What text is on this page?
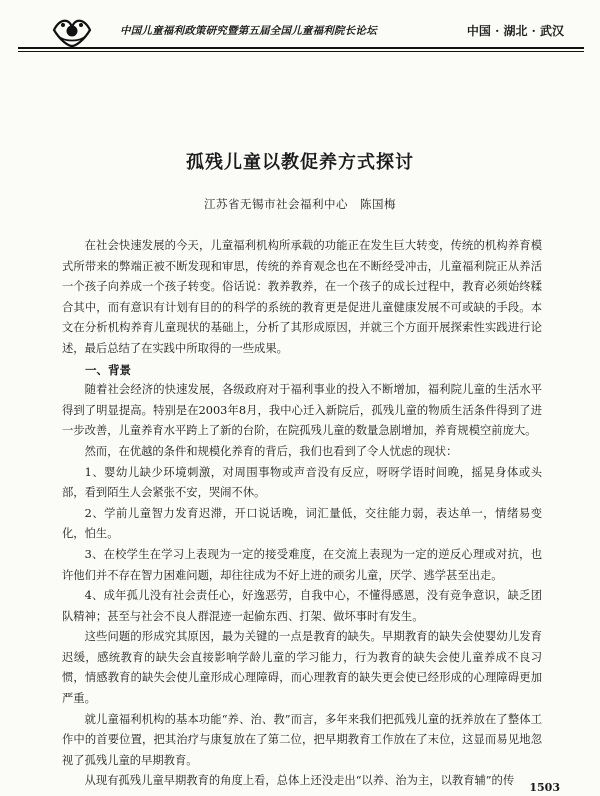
中国儿童福利政策研究暨第五届全国儿童福利院长论坛	中国 · 湖北 · 武汉
孤残儿童以教促养方式探讨
江苏省无锡市社会福利中心　陈国梅

在社会快速发展的今天，儿童福利机构所承载的功能正在发生巨大转变，传统的机构养育模式所带来的弊端正被不断发现和审思，传统的养育观念也在不断经受冲击，儿童福利院正从养活一个孩子向养成一个孩子转变。俗话说：教养教养，在一个孩子的成长过程中，教育必须始终糅合其中，而有意识有计划有目的的科学的系统的教育更是促进儿童健康发展不可或缺的手段。本文在分析机构养育儿童现状的基础上，分析了其形成原因，并就三个方面开展探索性实践进行论述，最后总结了在实践中所取得的一些成果。

一、背景

随着社会经济的快速发展，各级政府对于福利事业的投入不断增加，福利院儿童的生活水平得到了明显提高。特别是在2003年8月，我中心迁入新院后，孤残儿童的物质生活条件得到了进一步改善，儿童养育水平跨上了新的台阶，在院孤残儿童的数量急剧增加，养育规模空前庞大。

然而，在优越的条件和规模化养育的背后，我们也看到了令人忧虑的现状：

1、婴幼儿缺少环境刺激，对周围事物或声音没有反应，呀呀学语时间晚，摇晃身体或头部，看到陌生人会紧张不安，哭闹不休。

2、学前儿童智力发育迟滞，开口说话晚，词汇量低，交往能力弱，表达单一，情绪易变化，怕生。

3、在校学生在学习上表现为一定的接受难度，在交流上表现为一定的逆反心理或对抗，也许他们并不存在智力困难问题，却往往成为不好上进的顽劣儿童，厌学、逃学甚至出走。

4、成年孤儿没有社会责任心，好逸恶劳，自我中心，不懂得感恩，没有竞争意识，缺乏团队精神；甚至与社会不良人群混迹一起偷东西、打架、做坏事时有发生。

这些问题的形成究其原因，最为关键的一点是教育的缺失。早期教育的缺失会使婴幼儿发育迟缓，感统教育的缺失会直接影响学龄儿童的学习能力，行为教育的缺失会使儿童养成不良习惯，情感教育的缺失会使儿童形成心理障碍，而心理教育的缺失更会使已经形成的心理障碍更加严重。

就儿童福利机构的基本功能“养、治、教”而言，多年来我们把孤残儿童的抚养放在了整体工作中的首要位置，把其治疗与康复放在了第二位，把早期教育工作放在了末位，这显而易见地忽视了孤残儿童的早期教育。

从现有孤残儿童早期教育的角度上看，总体上还没走出“以养、治为主，以教育辅”的传

1503
